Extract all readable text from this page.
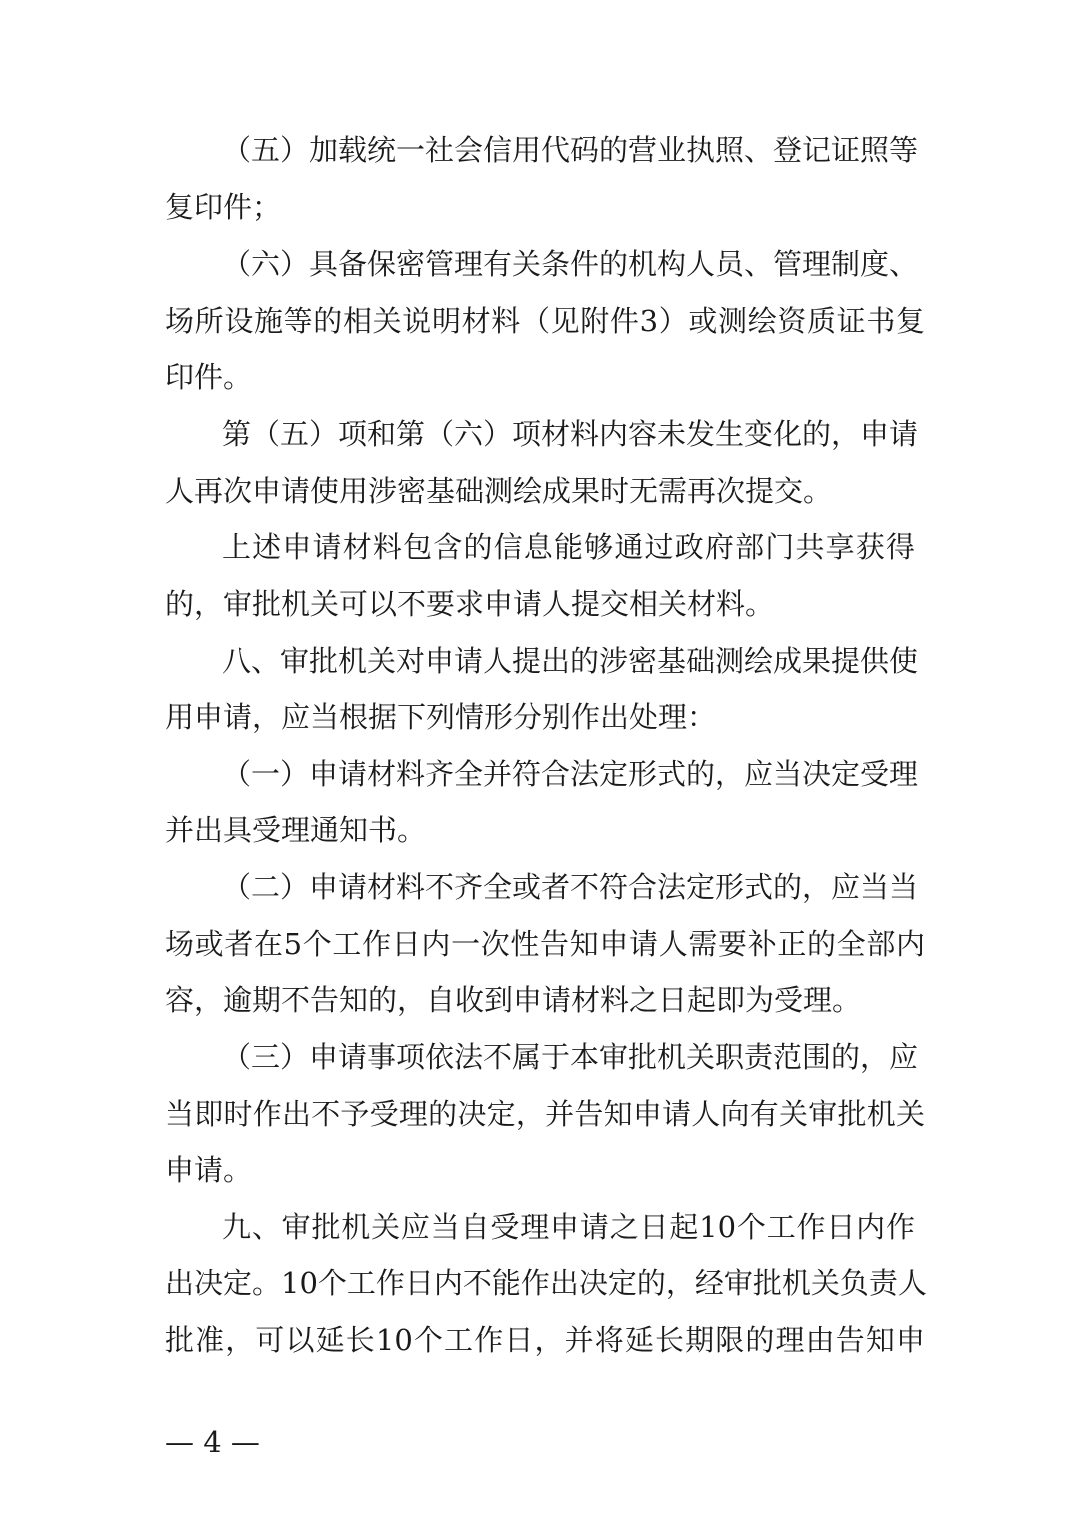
（五）加载统一社会信用代码的营业执照、登记证照等

复印件；

（六）具备保密管理有关条件的机构人员、管理制度、

场所设施等的相关说明材料（见附件3）或测绘资质证书复

印件。

第（五）项和第（六）项材料内容未发生变化的，申请

人再次申请使用涉密基础测绘成果时无需再次提交。

上述申请材料包含的信息能够通过政府部门共享获得

的，审批机关可以不要求申请人提交相关材料。

八、审批机关对申请人提出的涉密基础测绘成果提供使

用申请，应当根据下列情形分别作出处理：

（一）申请材料齐全并符合法定形式的，应当决定受理

并出具受理通知书。

（二）申请材料不齐全或者不符合法定形式的，应当当

场或者在5个工作日内一次性告知申请人需要补正的全部内

容，逾期不告知的，自收到申请材料之日起即为受理。

（三）申请事项依法不属于本审批机关职责范围的，应

当即时作出不予受理的决定，并告知申请人向有关审批机关

申请。

九、审批机关应当自受理申请之日起10个工作日内作

出决定。10个工作日内不能作出决定的，经审批机关负责人

批准，可以延长10个工作日，并将延长期限的理由告知申

— 4 —
